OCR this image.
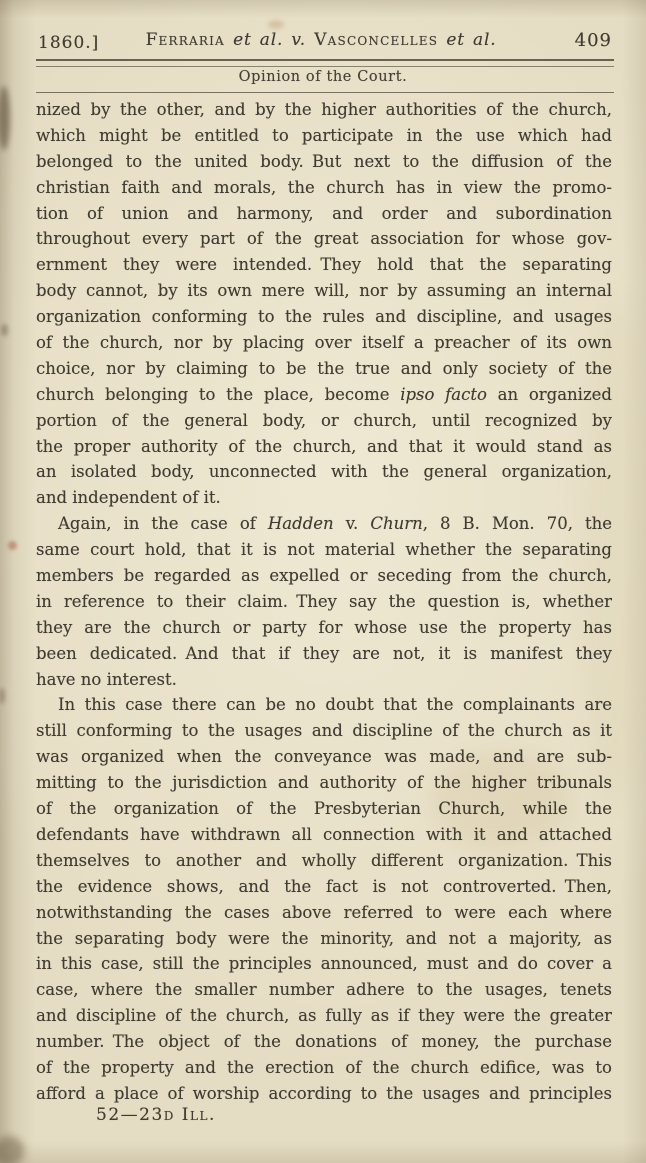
1860.]	Ferraria et al. v. Vasconcelles et al.	409
Opinion of the Court.
nized by the other, and by the higher authorities of the church,
which might be entitled to participate in the use which had
belonged to the united body. But next to the diffusion of the
christian faith and morals, the church has in view the promo-
tion of union and harmony, and order and subordination
throughout every part of the great association for whose gov-
ernment they were intended. They hold that the separating
body cannot, by its own mere will, nor by assuming an internal
organization conforming to the rules and discipline, and usages
of the church, nor by placing over itself a preacher of its own
choice, nor by claiming to be the true and only society of the
church belonging to the place, become ipso facto an organized
portion of the general body, or church, until recognized by
the proper authority of the church, and that it would stand as
an isolated body, unconnected with the general organization,
and independent of it.
Again, in the case of Hadden v. Churn, 8 B. Mon. 70, the
same court hold, that it is not material whether the separating
members be regarded as expelled or seceding from the church,
in reference to their claim. They say the question is, whether
they are the church or party for whose use the property has
been dedicated. And that if they are not, it is manifest they
have no interest.
In this case there can be no doubt that the complainants are
still conforming to the usages and discipline of the church as it
was organized when the conveyance was made, and are sub-
mitting to the jurisdiction and authority of the higher tribunals
of the organization of the Presbyterian Church, while the
defendants have withdrawn all connection with it and attached
themselves to another and wholly different organization. This
the evidence shows, and the fact is not controverted. Then,
notwithstanding the cases above referred to were each where
the separating body were the minority, and not a majority, as
in this case, still the principles announced, must and do cover a
case, where the smaller number adhere to the usages, tenets
and discipline of the church, as fully as if they were the greater
number. The object of the donations of money, the purchase
of the property and the erection of the church edifice, was to
afford a place of worship according to the usages and principles
52—23d Ill.
